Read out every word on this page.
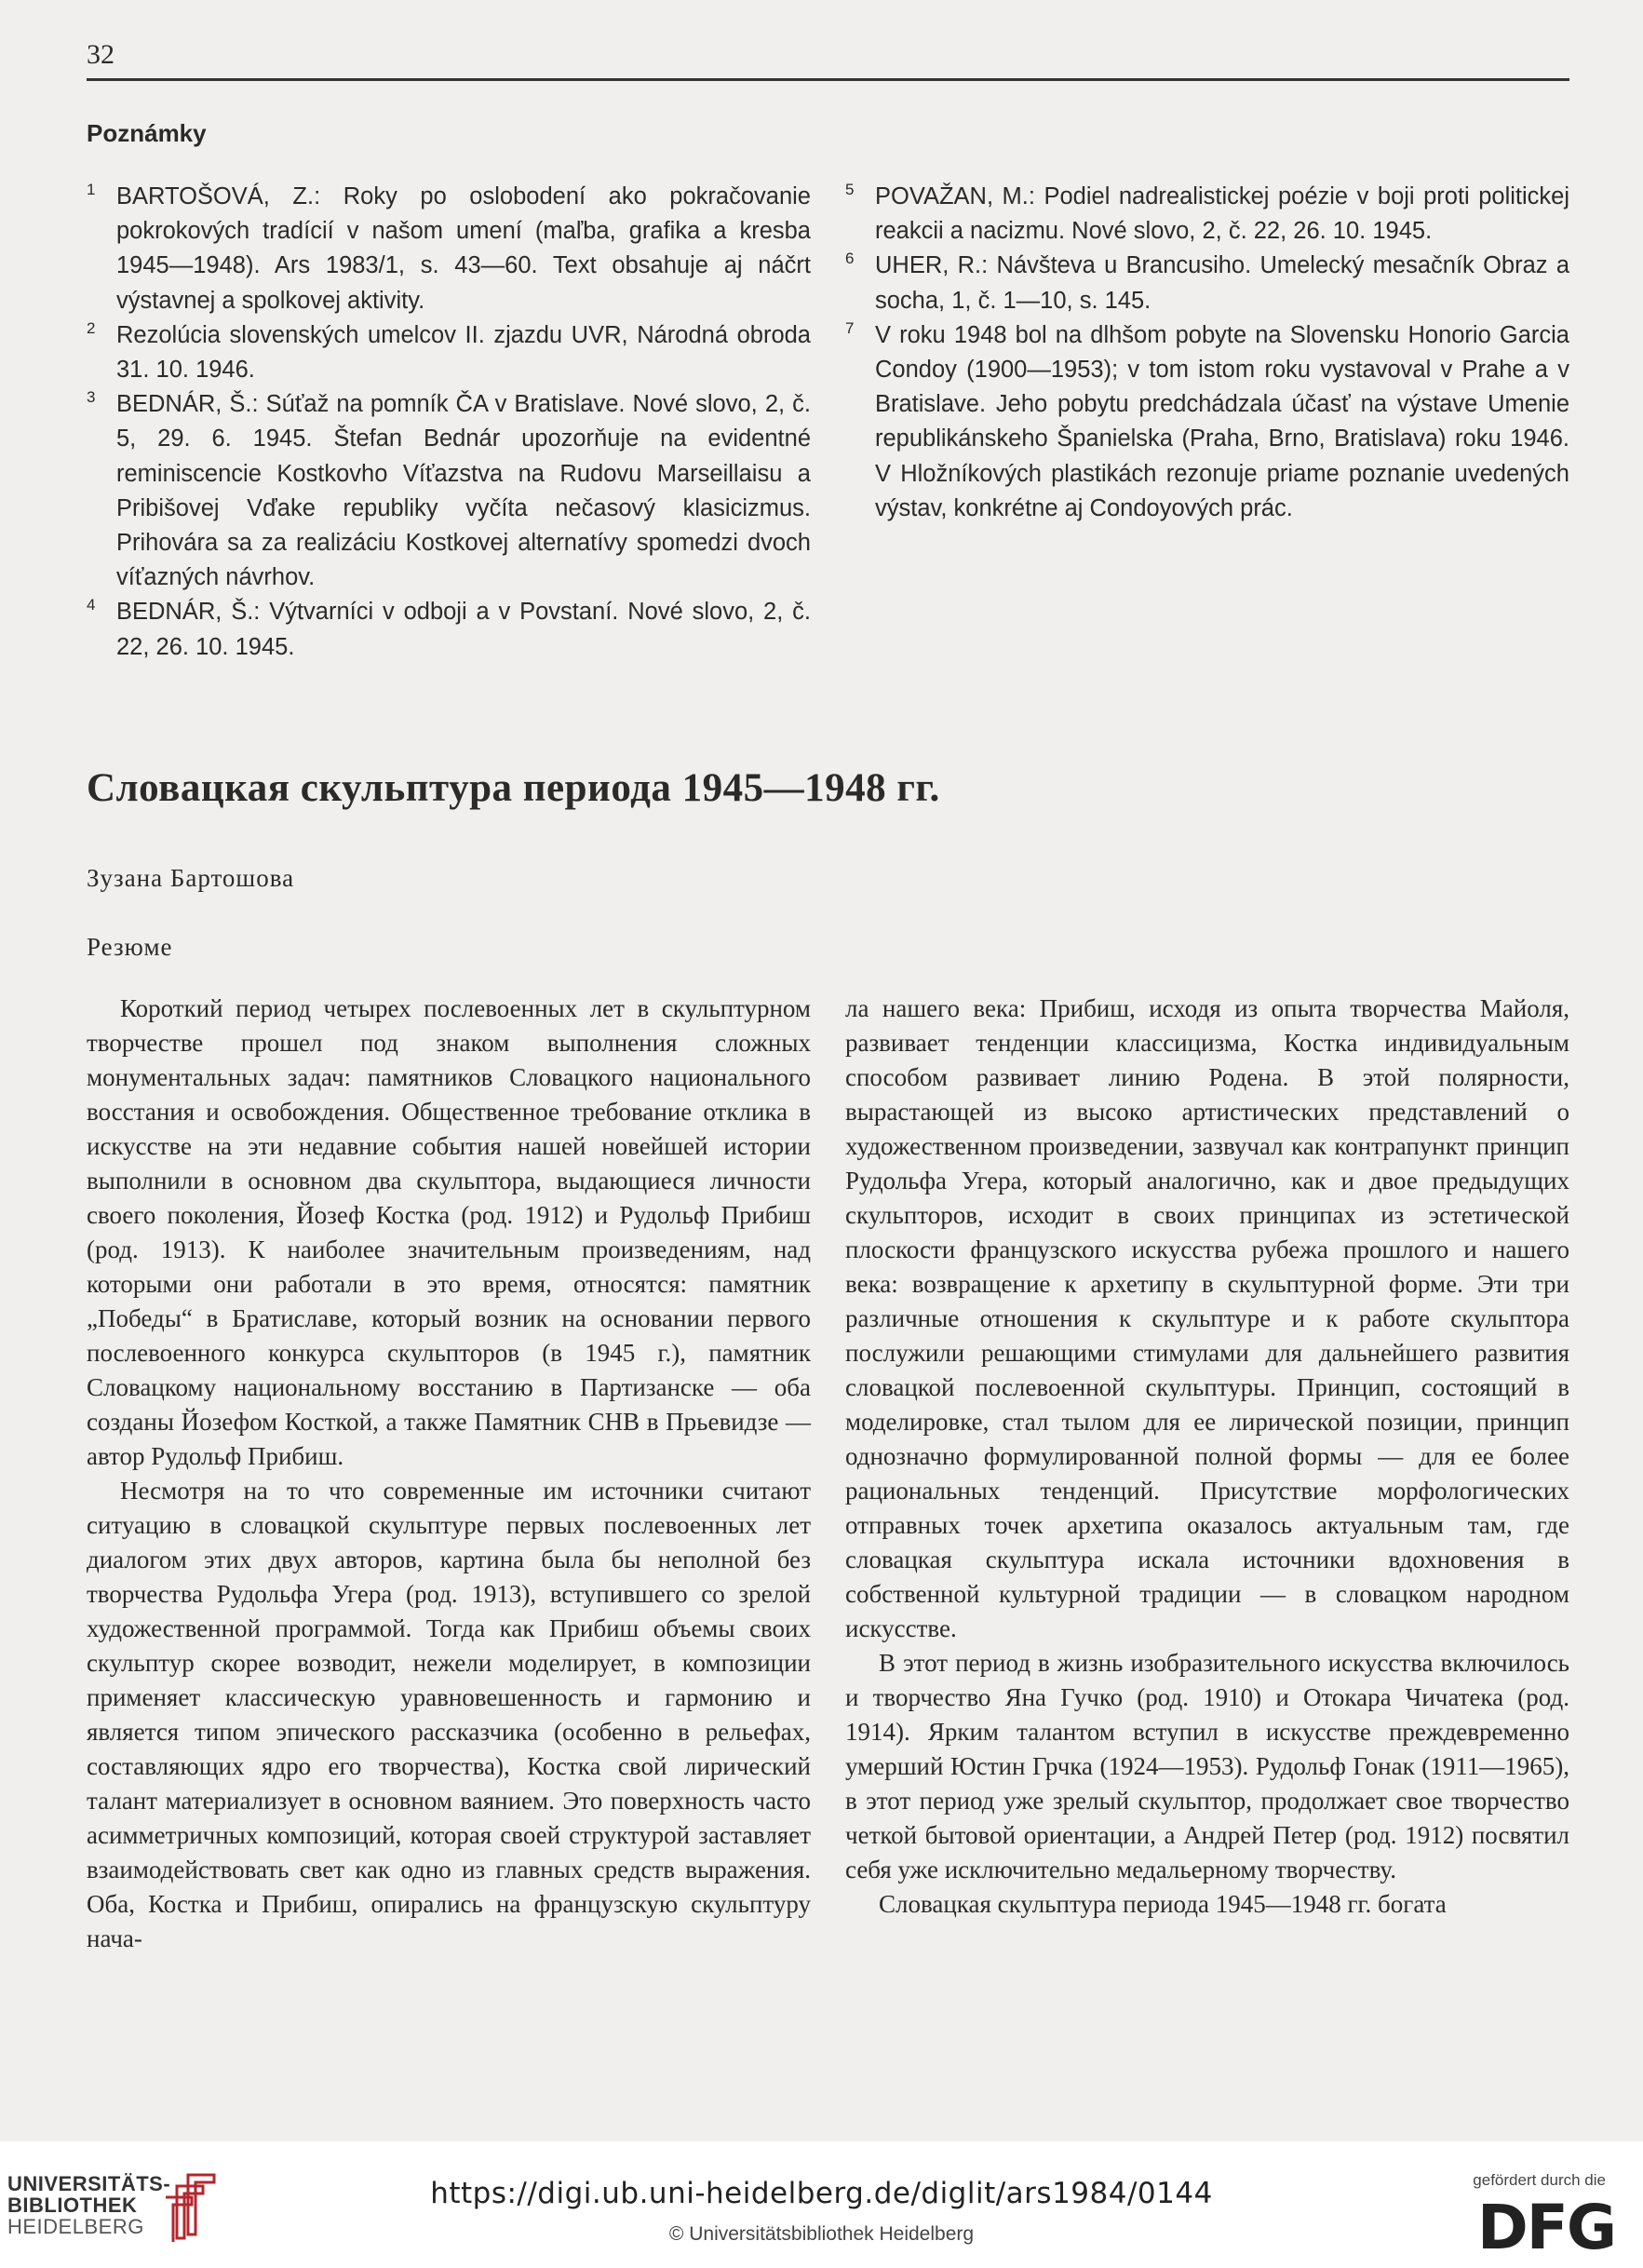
32
Poznámky
1 BARTOŠOVÁ, Z.: Roky po oslobodení ako pokračovanie pokrokových tradícií v našom umení (maľba, grafika a kresba 1945—1948). Ars 1983/1, s. 43—60. Text obsahuje aj náčrt výstavnej a spolkovej aktivity.
2 Rezolúcia slovenských umelcov II. zjazdu UVR, Národná obroda 31. 10. 1946.
3 BEDNÁR, Š.: Súťaž na pomník ČA v Bratislave. Nové slovo, 2, č. 5, 29. 6. 1945. Štefan Bednár upozorňuje na evidentné reminiscencie Kostkovho Víťazstva na Rudovu Marseillaisu a Pribišovej Vďake republiky vyčíta nečasový klasicizmus. Prihovára sa za realizáciu Kostkovej alternatívy spomedzi dvoch víťazných návrhov.
4 BEDNÁR, Š.: Výtvarníci v odboji a v Povstaní. Nové slovo, 2, č. 22, 26. 10. 1945.
5 POVAŽAN, M.: Podiel nadrealistickej poézie v boji proti politickej reakcii a nacizmu. Nové slovo, 2, č. 22, 26. 10. 1945.
6 UHER, R.: Návšteva u Brancusiho. Umelecký mesačník Obraz a socha, 1, č. 1—10, s. 145.
7 V roku 1948 bol na dlhšom pobyte na Slovensku Honorio Garcia Condoy (1900—1953); v tom istom roku vystavoval v Prahe a v Bratislave. Jeho pobytu predchádzala účasť na výstave Umenie republikánskeho Španielska (Praha, Brno, Bratislava) roku 1946. V Hložníkových plastikách rezonuje priame poznanie uvedených výstav, konkrétne aj Condoyových prác.
Словацкая скульптура периода 1945—1948 гг.
Зузана Бартошова
Резюме

Короткий период четырех послевоенных лет в скульптурном творчестве прошел под знаком выполнения сложных монументальных задач: памятников Словацкого национального восстания и освобождения. Общественное требование отклика в искусстве на эти недавние события нашей новейшей истории выполнили в основном два скульптора, выдающиеся личности своего поколения, Йозеф Костка (род. 1912) и Рудольф Прибиш (род. 1913). К наиболее значительным произведениям, над которыми они работали в это время, относятся: памятник „Победы“ в Братиславе, который возник на основании первого послевоенного конкурса скульпторов (в 1945 г.), памятник Словацкому национальному восстанию в Партизанске — оба созданы Йозефом Косткой, а также Памятник СНВ в Прьевидзе — автор Рудольф Прибиш.

Несмотря на то что современные им источники считают ситуацию в словацкой скульптуре первых послевоенных лет диалогом этих двух авторов, картина была бы неполной без творчества Рудольфа Угера (род. 1913), вступившего со зрелой художественной программой. Тогда как Прибиш объемы своих скульптур скорее возводит, нежели моделирует, в композиции применяет классическую уравновешенность и гармонию и является типом эпического рассказчика (особенно в рельефах, составляющих ядро его творчества), Костка свой лирический талант материализует в основном ваянием. Это поверхность часто асимметричных композиций, которая своей структурой заставляет взаимодействовать свет как одно из главных средств выражения. Оба, Костка и Прибиш, опирались на французскую скульптуру нача-

ла нашего века: Прибиш, исходя из опыта творчества Майоля, развивает тенденции классицизма, Костка индивидуальным способом развивает линию Родена. В этой полярности, вырастающей из высоко артистических представлений о художественном произведении, зазвучал как контрапункт принцип Рудольфа Угера, который аналогично, как и двое предыдущих скульпторов, исходит в своих принципах из эстетической плоскости французского искусства рубежа прошлого и нашего века: возвращение к архетипу в скульптурной форме. Эти три различные отношения к скульптуре и к работе скульптора послужили решающими стимулами для дальнейшего развития словацкой послевоенной скульптуры. Принцип, состоящий в моделировке, стал тылом для ее лирической позиции, принцип однозначно формулированной полной формы — для ее более рациональных тенденций. Присутствие морфологических отправных точек архетипа оказалось актуальным там, где словацкая скульптура искала источники вдохновения в собственной культурной традиции — в словацком народном искусстве.

В этот период в жизнь изобразительного искусства включилось и творчество Яна Гучко (род. 1910) и Отокара Чичатека (род. 1914). Ярким талантом вступил в искусстве преждевременно умерший Юстин Грчка (1924—1953). Рудольф Гонак (1911—1965), в этот период уже зрелый скульптор, продолжает свое творчество четкой бытовой ориентации, а Андрей Петер (род. 1912) посвятил себя уже исключительно медальерному творчеству.

Словацкая скульптура периода 1945—1948 гг. богата

UNIVERSITÄTS-
BIBLIOTHEK
HEIDELBERG
https://digi.ub.uni-heidelberg.de/diglit/ars1984/0144
© Universitätsbibliothek Heidelberg
gefördert durch die
DFG
